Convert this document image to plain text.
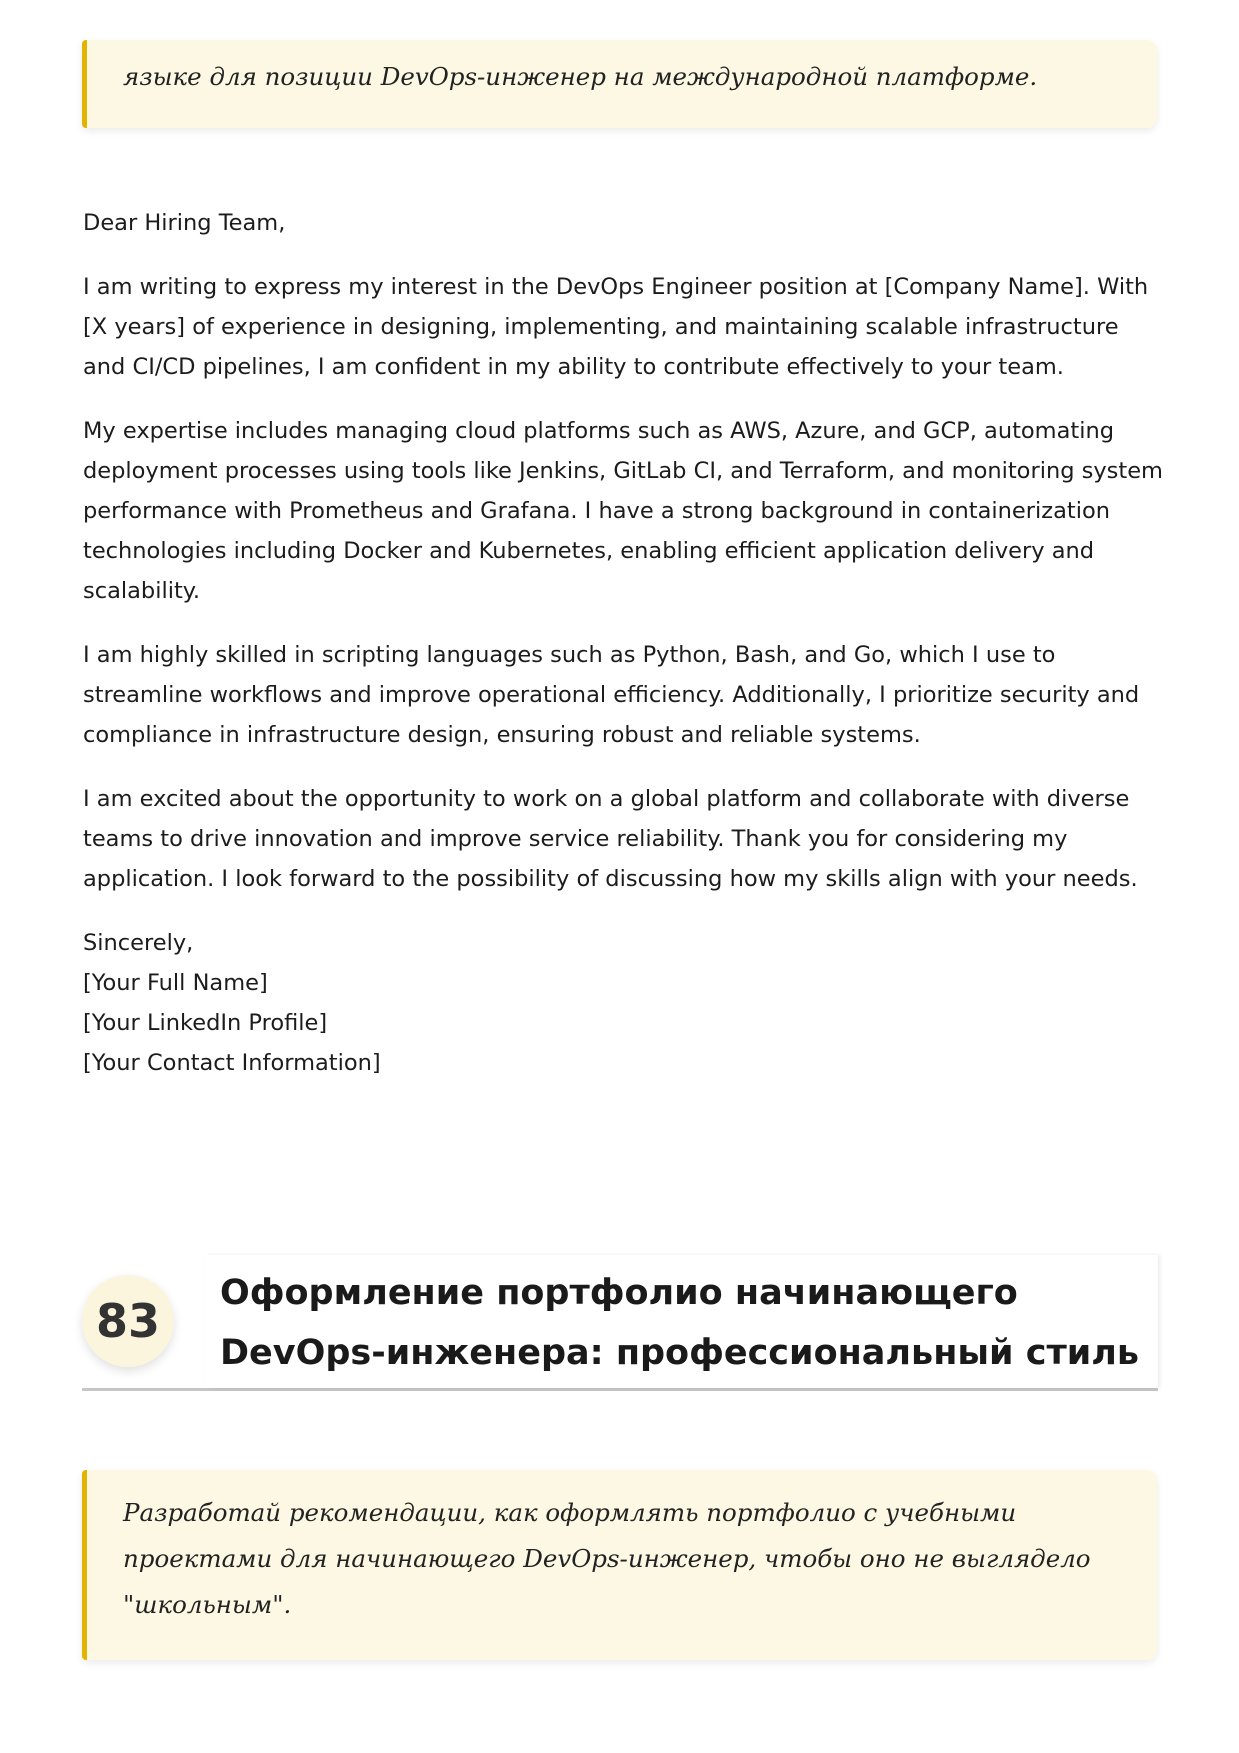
языке для позиции DevOps-инженер на международной платформе.

Dear Hiring Team,

I am writing to express my interest in the DevOps Engineer position at [Company Name]. With [X years] of experience in designing, implementing, and maintaining scalable infrastructure and CI/CD pipelines, I am confident in my ability to contribute effectively to your team.

My expertise includes managing cloud platforms such as AWS, Azure, and GCP, automating deployment processes using tools like Jenkins, GitLab CI, and Terraform, and monitoring system performance with Prometheus and Grafana. I have a strong background in containerization technologies including Docker and Kubernetes, enabling efficient application delivery and scalability.

I am highly skilled in scripting languages such as Python, Bash, and Go, which I use to streamline workflows and improve operational efficiency. Additionally, I prioritize security and compliance in infrastructure design, ensuring robust and reliable systems.

I am excited about the opportunity to work on a global platform and collaborate with diverse teams to drive innovation and improve service reliability. Thank you for considering my application. I look forward to the possibility of discussing how my skills align with your needs.

Sincerely,
[Your Full Name]
[Your LinkedIn Profile]
[Your Contact Information]
83
Оформление портфолио начинающего DevOps-инженера: профессиональный стиль
Разработай рекомендации, как оформлять портфолио с учебными проектами для начинающего DevOps-инженер, чтобы оно не выглядело "школьным".
